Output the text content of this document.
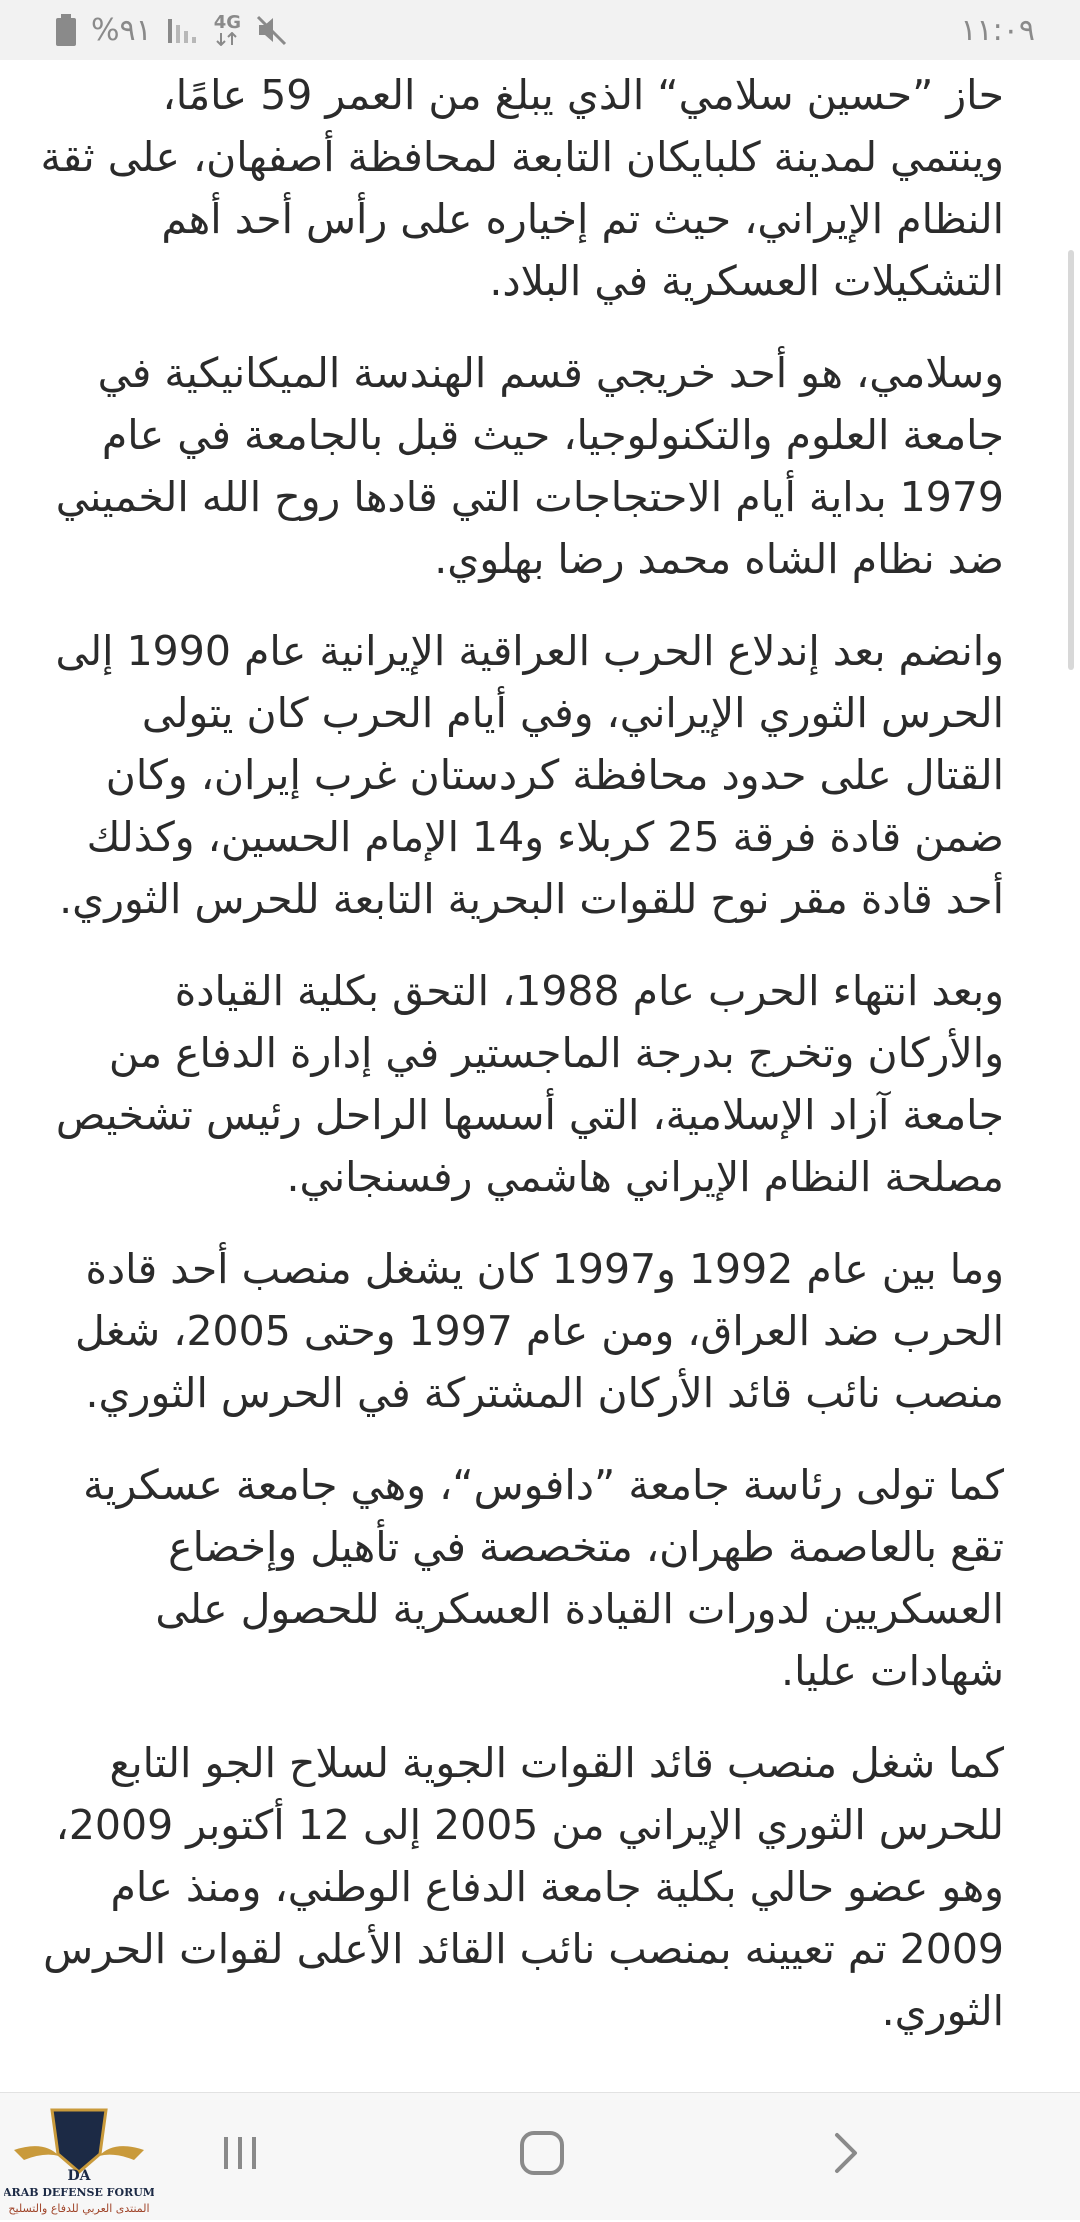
%٩١	4G	١١:٠٩

حاز ”حسين سلامي“ الذي يبلغ من العمر 59 عامًا، وينتمي لمدينة كلبايكان التابعة لمحافظة أصفهان، على ثقة النظام الإيراني، حيث تم إخياره على رأس أحد أهم التشكيلات العسكرية في البلاد.

وسلامي، هو أحد خريجي قسم الهندسة الميكانيكية في جامعة العلوم والتكنولوجيا، حيث قبل بالجامعة في عام 1979 بداية أيام الاحتجاجات التي قادها روح الله الخميني ضد نظام الشاه محمد رضا بهلوي.

وانضم بعد إندلاع الحرب العراقية الإيرانية عام 1990 إلى الحرس الثوري الإيراني، وفي أيام الحرب كان يتولى القتال على حدود محافظة كردستان غرب إيران، وكان ضمن قادة فرقة 25 كربلاء و14 الإمام الحسين، وكذلك أحد قادة مقر نوح للقوات البحرية التابعة للحرس الثوري.

وبعد انتهاء الحرب عام 1988، التحق بكلية القيادة والأركان وتخرج بدرجة الماجستير في إدارة الدفاع من جامعة آزاد الإسلامية، التي أسسها الراحل رئيس تشخيص مصلحة النظام الإيراني هاشمي رفسنجاني.

وما بين عام 1992 و1997 كان يشغل منصب أحد قادة الحرب ضد العراق، ومن عام 1997 وحتى 2005، شغل منصب نائب قائد الأركان المشتركة في الحرس الثوري.

كما تولى رئاسة جامعة ”دافوس“، وهي جامعة عسكرية تقع بالعاصمة طهران، متخصصة في تأهيل وإخضاع العسكريين لدورات القيادة العسكرية للحصول على شهادات عليا.

كما شغل منصب قائد القوات الجوية لسلاح الجو التابع للحرس الثوري الإيراني من 2005 إلى 12 أكتوبر 2009، وهو عضو حالي بكلية جامعة الدفاع الوطني، ومنذ عام 2009 تم تعيينه بمنصب نائب القائد الأعلى لقوات الحرس الثوري.

DA
ARAB DEFENSE FORUM
المنتدى العربي للدفاع والتسليح
